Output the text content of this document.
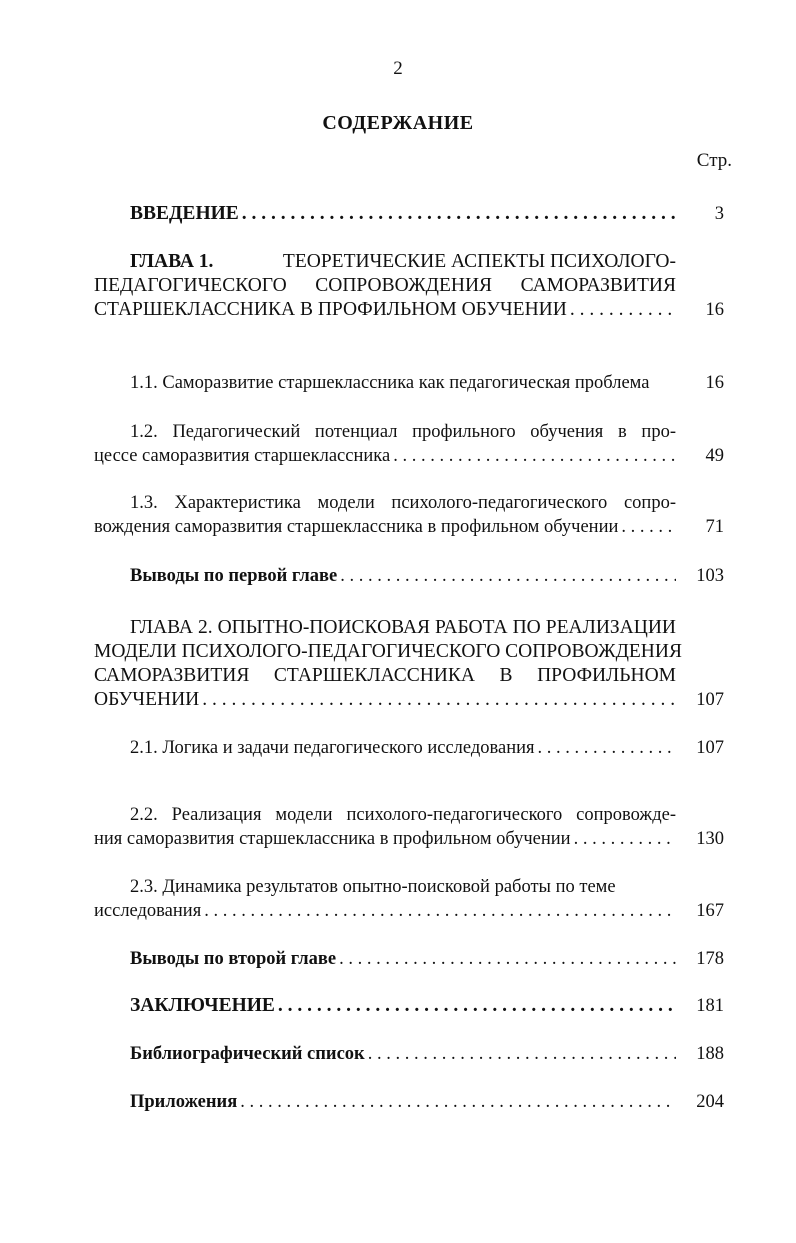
2
СОДЕРЖАНИЕ
Стр.
ВВЕДЕНИЕ . . .	3
ГЛАВА 1.	ТЕОРЕТИЧЕСКИЕ АСПЕКТЫ ПСИХОЛОГО-
ПЕДАГОГИЧЕСКОГО СОПРОВОЖДЕНИЯ САМОРАЗВИТИЯ
СТАРШЕКЛАССНИКА В ПРОФИЛЬНОМ ОБУЧЕНИИ . . .	16
1.1. Саморазвитие старшеклассника как педагогическая проблема	16
1.2. Педагогический потенциал профильного обучения в про-
цессе саморазвития старшеклассника . . .	49
1.3. Характеристика модели психолого-педагогического сопро-
вождения саморазвития старшеклассника в профильном обучении . . .	71
Выводы по первой главе . . .	103
ГЛАВА 2. ОПЫТНО-ПОИСКОВАЯ РАБОТА ПО РЕАЛИЗАЦИИ
МОДЕЛИ ПСИХОЛОГО-ПЕДАГОГИЧЕСКОГО СОПРОВОЖДЕНИЯ
САМОРАЗВИТИЯ СТАРШЕКЛАССНИКА В ПРОФИЛЬНОМ
ОБУЧЕНИИ . . .	107
2.1. Логика и задачи педагогического исследования . . .	107
2.2. Реализация модели психолого-педагогического сопровожде-
ния саморазвития старшеклассника в профильном обучении . . .	130
2.3. Динамика результатов опытно-поисковой работы по теме
исследования . . .	167
Выводы по второй главе . . .	178
ЗАКЛЮЧЕНИЕ . . .	181
Библиографический список . . .	188
Приложения . . .	204
